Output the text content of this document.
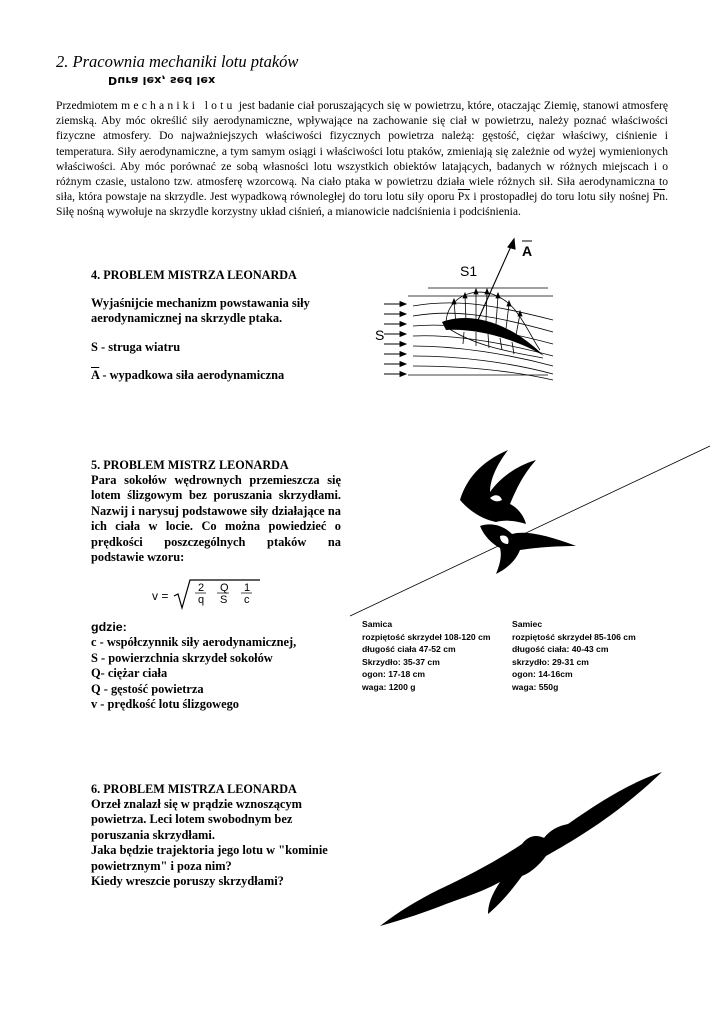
2. Pracownia mechaniki lotu ptaków
Dura lex, sed lex
Przedmiotem mechaniki lotu jest badanie ciał poruszających się w powietrzu, które, otaczając Ziemię, stanowi atmosferę ziemską. Aby móc określić siły aerodynamiczne, wpływające na zachowanie się ciał w powietrzu, należy poznać właściwości fizyczne atmosfery. Do najważniejszych właściwości fizycznych powietrza należą: gęstość, ciężar właściwy, ciśnienie i temperatura. Siły aerodynamiczne, a tym samym osiągi i właściwości lotu ptaków, zmieniają się zależnie od wyżej wymienionych właściwości. Aby móc porównać ze sobą własności lotu wszystkich obiektów latających, badanych w różnych miejscach i o różnym czasie, ustalono tzw. atmosferę wzorcową. Na ciało ptaka w powietrzu działa wiele różnych sił. Siła aerodynamiczna to siła, która powstaje na skrzydle. Jest wypadkową równoległej do toru lotu siły oporu $\overline{Px}$ i prostopadłej do toru lotu siły nośnej $\overline{Pn}$. Siłę nośną wywołuje na skrzydle korzystny układ ciśnień, a mianowicie nadciśnienia i podciśnienia.
4. PROBLEM MISTRZA LEONARDA
Wyjaśnijcie mechanizm powstawania siły aerodynamicznej na skrzydle ptaka.
S - struga wiatru
$\overline{A}$ - wypadkowa siła aerodynamiczna
A
S1
S
5. PROBLEM MISTRZ LEONARDA
Para sokołów wędrownych przemieszcza się lotem ślizgowym bez poruszania skrzydłami. Nazwij i narysuj podstawowe siły działające na ich ciała w locie. Co można powiedzieć o prędkości poszczególnych ptaków na podstawie wzoru:
v =
2
q
Q
S
1
c
gdzie:
c - współczynnik siły aerodynamicznej,
S - powierzchnia skrzydeł sokołów
Q- ciężar ciała
Q - gęstość powietrza
v - prędkość lotu ślizgowego
Samica
rozpiętość skrzydeł 108-120 cm
długość ciała 47-52 cm
Skrzydło: 35-37 cm
ogon: 17-18 cm
waga: 1200 g
Samiec
rozpiętość skrzydeł 85-106 cm
długość ciała: 40-43 cm
skrzydło: 29-31 cm
ogon: 14-16cm
waga: 550g
6. PROBLEM MISTRZA LEONARDA
Orzeł znalazł się w prądzie wznoszącym powietrza. Leci lotem swobodnym bez poruszania skrzydłami.
Jaka będzie trajektoria jego lotu w "kominie powietrznym" i poza nim?
Kiedy wreszcie poruszy skrzydłami?
